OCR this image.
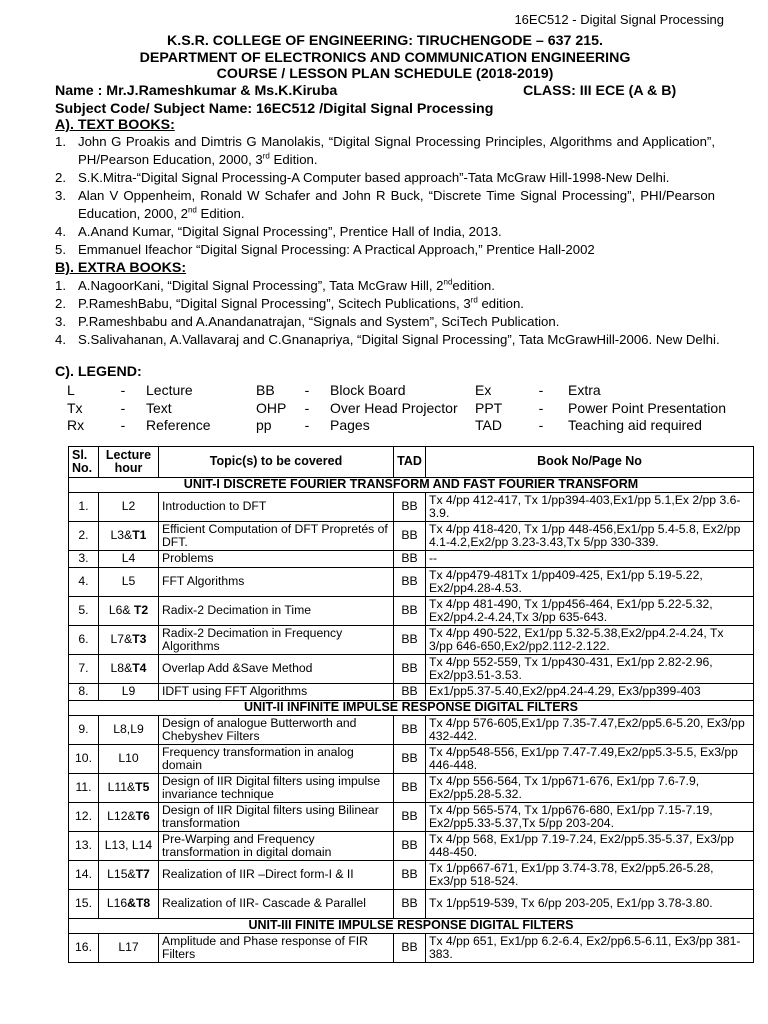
16EC512 - Digital Signal Processing
K.S.R. COLLEGE OF ENGINEERING: TIRUCHENGODE – 637 215.
DEPARTMENT OF ELECTRONICS AND COMMUNICATION ENGINEERING
COURSE / LESSON PLAN SCHEDULE (2018-2019)
Name : Mr.J.Rameshkumar & Ms.K.Kiruba	CLASS: III ECE (A & B)
Subject Code/ Subject Name: 16EC512 /Digital Signal Processing
A). TEXT BOOKS:
1. John G Proakis and Dimtris G Manolakis, “Digital Signal Processing Principles, Algorithms and Application”, PH/Pearson Education, 2000, 3rd Edition.
2. S.K.Mitra-“Digital Signal Processing-A Computer based approach”-Tata McGraw Hill-1998-New Delhi.
3. Alan V Oppenheim, Ronald W Schafer and John R Buck, “Discrete Time Signal Processing”, PHI/Pearson Education, 2000, 2nd Edition.
4. A.Anand Kumar, “Digital Signal Processing”, Prentice Hall of India, 2013.
5. Emmanuel Ifeachor “Digital Signal Processing: A Practical Approach,” Prentice Hall-2002
B). EXTRA BOOKS:
1. A.NagoorKani, “Digital Signal Processing”, Tata McGraw Hill, 2ndedition.
2. P.RameshBabu, “Digital Signal Processing”, Scitech Publications, 3rd edition.
3. P.Rameshbabu and A.Anandanatrajan, “Signals and System”, SciTech Publication.
4. S.Salivahanan, A.Vallavaraj and C.Gnanapriya, “Digital Signal Processing”, Tata McGrawHill-2006. New Delhi.
C). LEGEND:
L	-	Lecture	BB	-	Block Board	Ex	-	Extra
Tx	-	Text	OHP	-	Over Head Projector	PPT	-	Power Point Presentation
Rx	-	Reference	pp	-	Pages	TAD	-	Teaching aid required
Sl. No.	Lecture hour	Topic(s) to be covered	TAD	Book No/Page No
UNIT-I DISCRETE FOURIER TRANSFORM AND FAST FOURIER TRANSFORM				
1.	L2	Introduction to DFT	BB	Tx 4/pp 412-417, Tx 1/pp394-403,Ex1/pp 5.1,Ex 2/pp 3.6-3.9.
2.	L3&T1	Efficient Computation of DFT Propretés of DFT.	BB	Tx 4/pp 418-420, Tx 1/pp 448-456,Ex1/pp 5.4-5.8, Ex2/pp 4.1-4.2,Ex2/pp 3.23-3.43,Tx 5/pp 330-339.
3.	L4	Problems	BB	--
4.	L5	FFT Algorithms	BB	Tx 4/pp479-481Tx 1/pp409-425, Ex1/pp 5.19-5.22, Ex2/pp4.28-4.53.
5.	L6& T2	Radix-2 Decimation in Time	BB	Tx 4/pp 481-490, Tx 1/pp456-464, Ex1/pp 5.22-5.32, Ex2/pp4.2-4.24,Tx 3/pp 635-643.
6.	L7&T3	Radix-2 Decimation in Frequency Algorithms	BB	Tx 4/pp 490-522, Ex1/pp 5.32-5.38,Ex2/pp4.2-4.24, Tx 3/pp 646-650,Ex2/pp2.112-2.122.
7.	L8&T4	Overlap Add &Save Method	BB	Tx 4/pp 552-559, Tx 1/pp430-431, Ex1/pp 2.82-2.96, Ex2/pp3.51-3.53.
8.	L9	IDFT using FFT Algorithms	BB	Ex1/pp5.37-5.40,Ex2/pp4.24-4.29, Ex3/pp399-403
UNIT-II INFINITE IMPULSE RESPONSE DIGITAL FILTERS				
9.	L8,L9	Design of analogue Butterworth and Chebyshev Filters	BB	Tx 4/pp 576-605,Ex1/pp 7.35-7.47,Ex2/pp5.6-5.20, Ex3/pp 432-442.
10.	L10	Frequency transformation in analog domain	BB	Tx 4/pp548-556, Ex1/pp 7.47-7.49,Ex2/pp5.3-5.5, Ex3/pp 446-448.
11.	L11&T5	Design of IIR Digital filters using impulse invariance technique	BB	Tx 4/pp 556-564, Tx 1/pp671-676, Ex1/pp 7.6-7.9, Ex2/pp5.28-5.32.
12.	L12&T6	Design of IIR Digital filters using Bilinear transformation	BB	Tx 4/pp 565-574, Tx 1/pp676-680, Ex1/pp 7.15-7.19, Ex2/pp5.33-5.37,Tx 5/pp 203-204.
13.	L13, L14	Pre-Warping and Frequency transformation in digital domain	BB	Tx 4/pp 568, Ex1/pp 7.19-7.24, Ex2/pp5.35-5.37, Ex3/pp 448-450.
14.	L15&T7	Realization of IIR –Direct form-I & II	BB	Tx 1/pp667-671, Ex1/pp 3.74-3.78, Ex2/pp5.26-5.28, Ex3/pp 518-524.
15.	L16&T8	Realization of IIR- Cascade & Parallel	BB	Tx 1/pp519-539, Tx 6/pp 203-205, Ex1/pp 3.78-3.80.
UNIT-III FINITE IMPULSE RESPONSE DIGITAL FILTERS				
16.	L17	Amplitude and Phase response of FIR Filters	BB	Tx 4/pp 651, Ex1/pp 6.2-6.4, Ex2/pp6.5-6.11, Ex3/pp 381-383.
